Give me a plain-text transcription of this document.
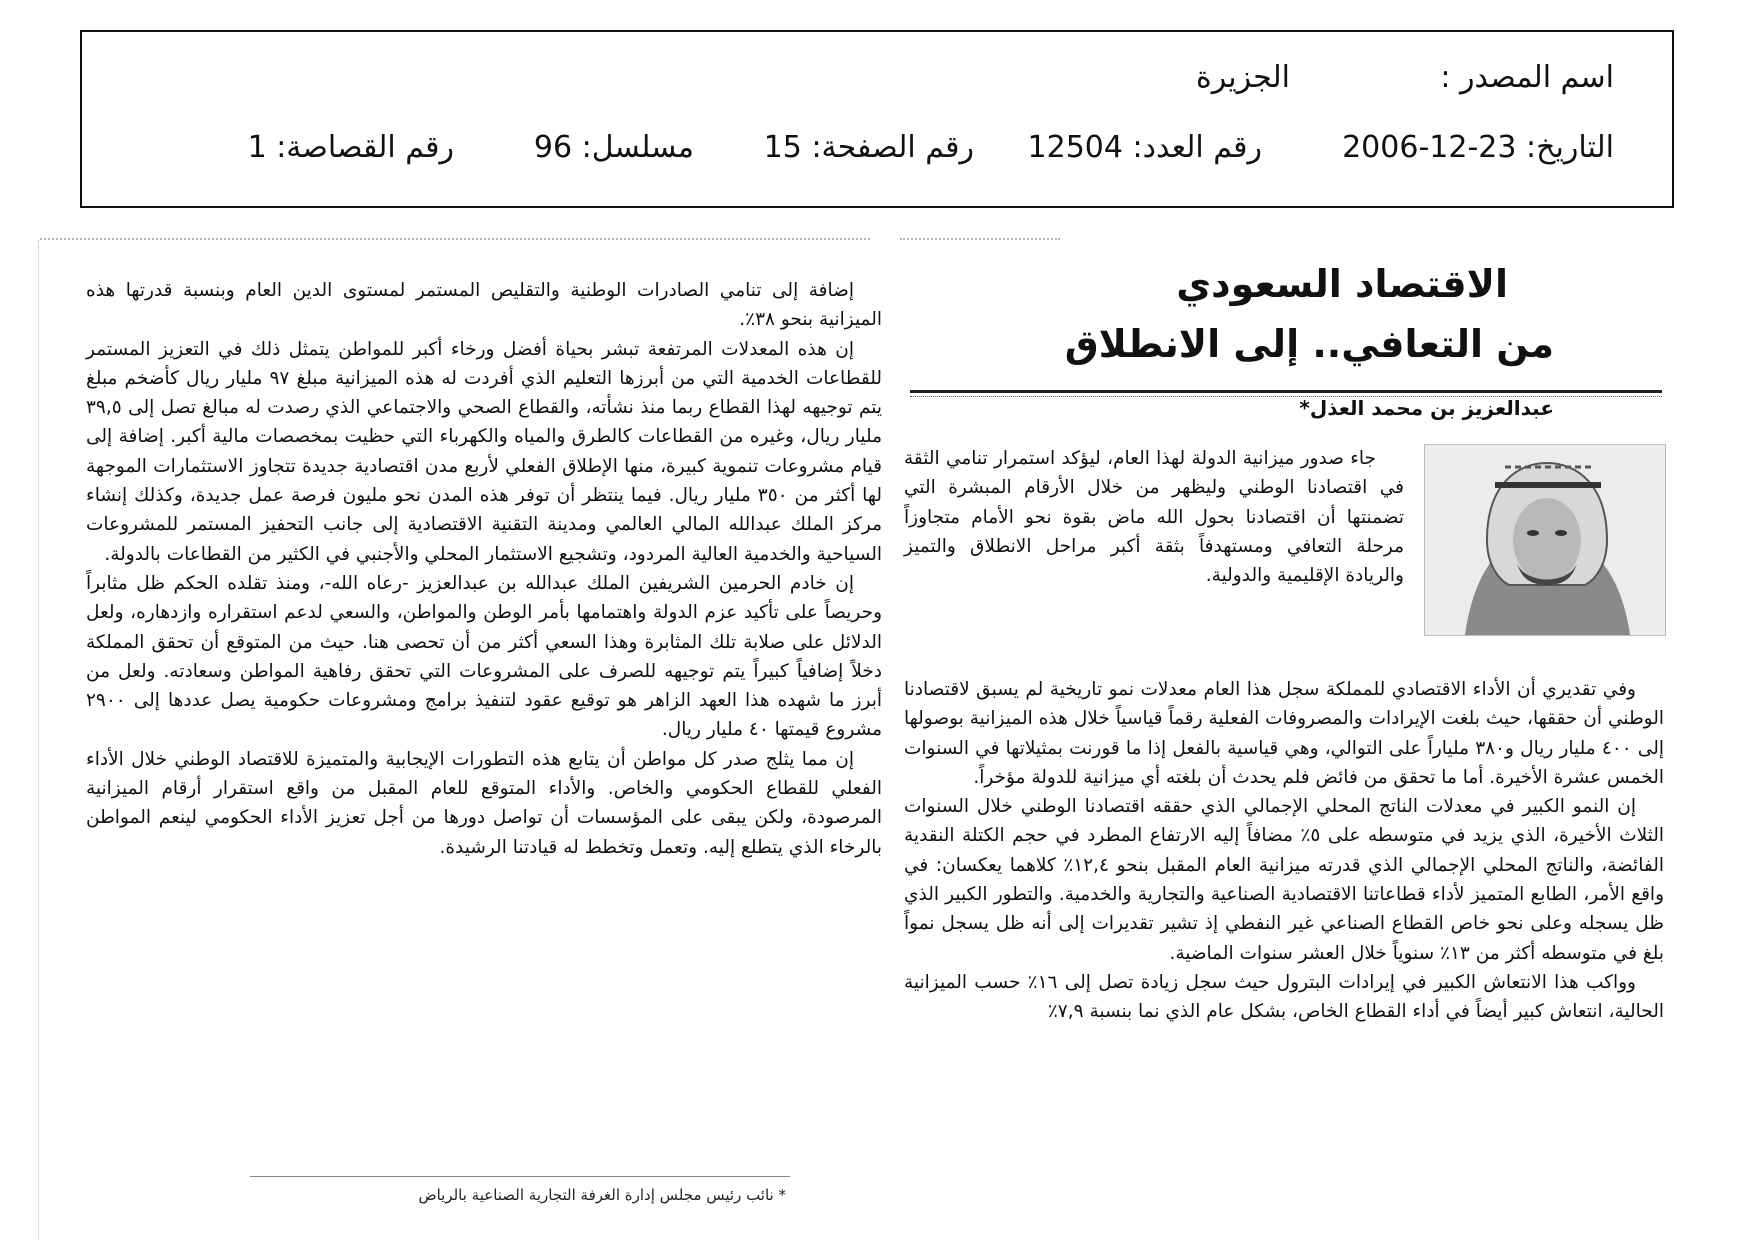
اسم المصدر :
الجزيرة
التاريخ: 23-12-2006
رقم العدد: 12504
رقم الصفحة: 15
مسلسل: 96
رقم القصاصة: 1
الاقتصاد السعودي
من التعافي.. إلى الانطلاق
عبدالعزيز بن محمد العذل*

جاء صدور ميزانية الدولة لهذا العام، ليؤكد استمرار تنامي الثقة في اقتصادنا الوطني وليظهر من خلال الأرقام المبشرة التي تضمنتها أن اقتصادنا بحول الله ماض بقوة نحو الأمام متجاوزاً مرحلة التعافي ومستهدفاً بثقة أكبر مراحل الانطلاق والتميز والريادة الإقليمية والدولية.

وفي تقديري أن الأداء الاقتصادي للمملكة سجل هذا العام معدلات نمو تاريخية لم يسبق لاقتصادنا الوطني أن حققها، حيث بلغت الإيرادات والمصروفات الفعلية رقماً قياسياً خلال هذه الميزانية بوصولها إلى ٤٠٠ مليار ريال و٣٨٠ ملياراً على التوالي، وهي قياسية بالفعل إذا ما قورنت بمثيلاتها في السنوات الخمس عشرة الأخيرة. أما ما تحقق من فائض فلم يحدث أن بلغته أي ميزانية للدولة مؤخراً.

إن النمو الكبير في معدلات الناتج المحلي الإجمالي الذي حققه اقتصادنا الوطني خلال السنوات الثلاث الأخيرة، الذي يزيد في متوسطه على ٥٪ مضافاً إليه الارتفاع المطرد في حجم الكتلة النقدية الفائضة، والناتج المحلي الإجمالي الذي قدرته ميزانية العام المقبل بنحو ١٢,٤٪ كلاهما يعكسان: في واقع الأمر، الطابع المتميز لأداء قطاعاتنا الاقتصادية الصناعية والتجارية والخدمية. والتطور الكبير الذي ظل يسجله وعلى نحو خاص القطاع الصناعي غير النفطي إذ تشير تقديرات إلى أنه ظل يسجل نمواً بلغ في متوسطه أكثر من ١٣٪ سنوياً خلال العشر سنوات الماضية.

وواكب هذا الانتعاش الكبير في إيرادات البترول حيث سجل زيادة تصل إلى ١٦٪ حسب الميزانية الحالية، انتعاش كبير أيضاً في أداء القطاع الخاص، بشكل عام الذي نما بنسبة ٧,٩٪

إضافة إلى تنامي الصادرات الوطنية والتقليص المستمر لمستوى الدين العام وبنسبة قدرتها هذه الميزانية بنحو ٣٨٪.

إن هذه المعدلات المرتفعة تبشر بحياة أفضل ورخاء أكبر للمواطن يتمثل ذلك في التعزيز المستمر للقطاعات الخدمية التي من أبرزها التعليم الذي أفردت له هذه الميزانية مبلغ ٩٧ مليار ريال كأضخم مبلغ يتم توجيهه لهذا القطاع ربما منذ نشأته، والقطاع الصحي والاجتماعي الذي رصدت له مبالغ تصل إلى ٣٩,٥ مليار ريال، وغيره من القطاعات كالطرق والمياه والكهرباء التي حظيت بمخصصات مالية أكبر. إضافة إلى قيام مشروعات تنموية كبيرة، منها الإطلاق الفعلي لأربع مدن اقتصادية جديدة تتجاوز الاستثمارات الموجهة لها أكثر من ٣٥٠ مليار ريال. فيما ينتظر أن توفر هذه المدن نحو مليون فرصة عمل جديدة، وكذلك إنشاء مركز الملك عبدالله المالي العالمي ومدينة التقنية الاقتصادية إلى جانب التحفيز المستمر للمشروعات السياحية والخدمية العالية المردود، وتشجيع الاستثمار المحلي والأجنبي في الكثير من القطاعات بالدولة.

إن خادم الحرمين الشريفين الملك عبدالله بن عبدالعزيز -رعاه الله-، ومنذ تقلده الحكم ظل مثابراً وحريصاً على تأكيد عزم الدولة واهتمامها بأمر الوطن والمواطن، والسعي لدعم استقراره وازدهاره، ولعل الدلائل على صلابة تلك المثابرة وهذا السعي أكثر من أن تحصى هنا. حيث من المتوقع أن تحقق المملكة دخلاً إضافياً كبيراً يتم توجيهه للصرف على المشروعات التي تحقق رفاهية المواطن وسعادته. ولعل من أبرز ما شهده هذا العهد الزاهر هو توقيع عقود لتنفيذ برامج ومشروعات حكومية يصل عددها إلى ٢٩٠٠ مشروع قيمتها ٤٠ مليار ريال.

إن مما يثلج صدر كل مواطن أن يتابع هذه التطورات الإيجابية والمتميزة للاقتصاد الوطني خلال الأداء الفعلي للقطاع الحكومي والخاص. والأداء المتوقع للعام المقبل من واقع استقرار أرقام الميزانية المرصودة، ولكن يبقى على المؤسسات أن تواصل دورها من أجل تعزيز الأداء الحكومي لينعم المواطن بالرخاء الذي يتطلع إليه. وتعمل وتخطط له قيادتنا الرشيدة.

* نائب رئيس مجلس إدارة الغرفة التجارية الصناعية بالرياض
